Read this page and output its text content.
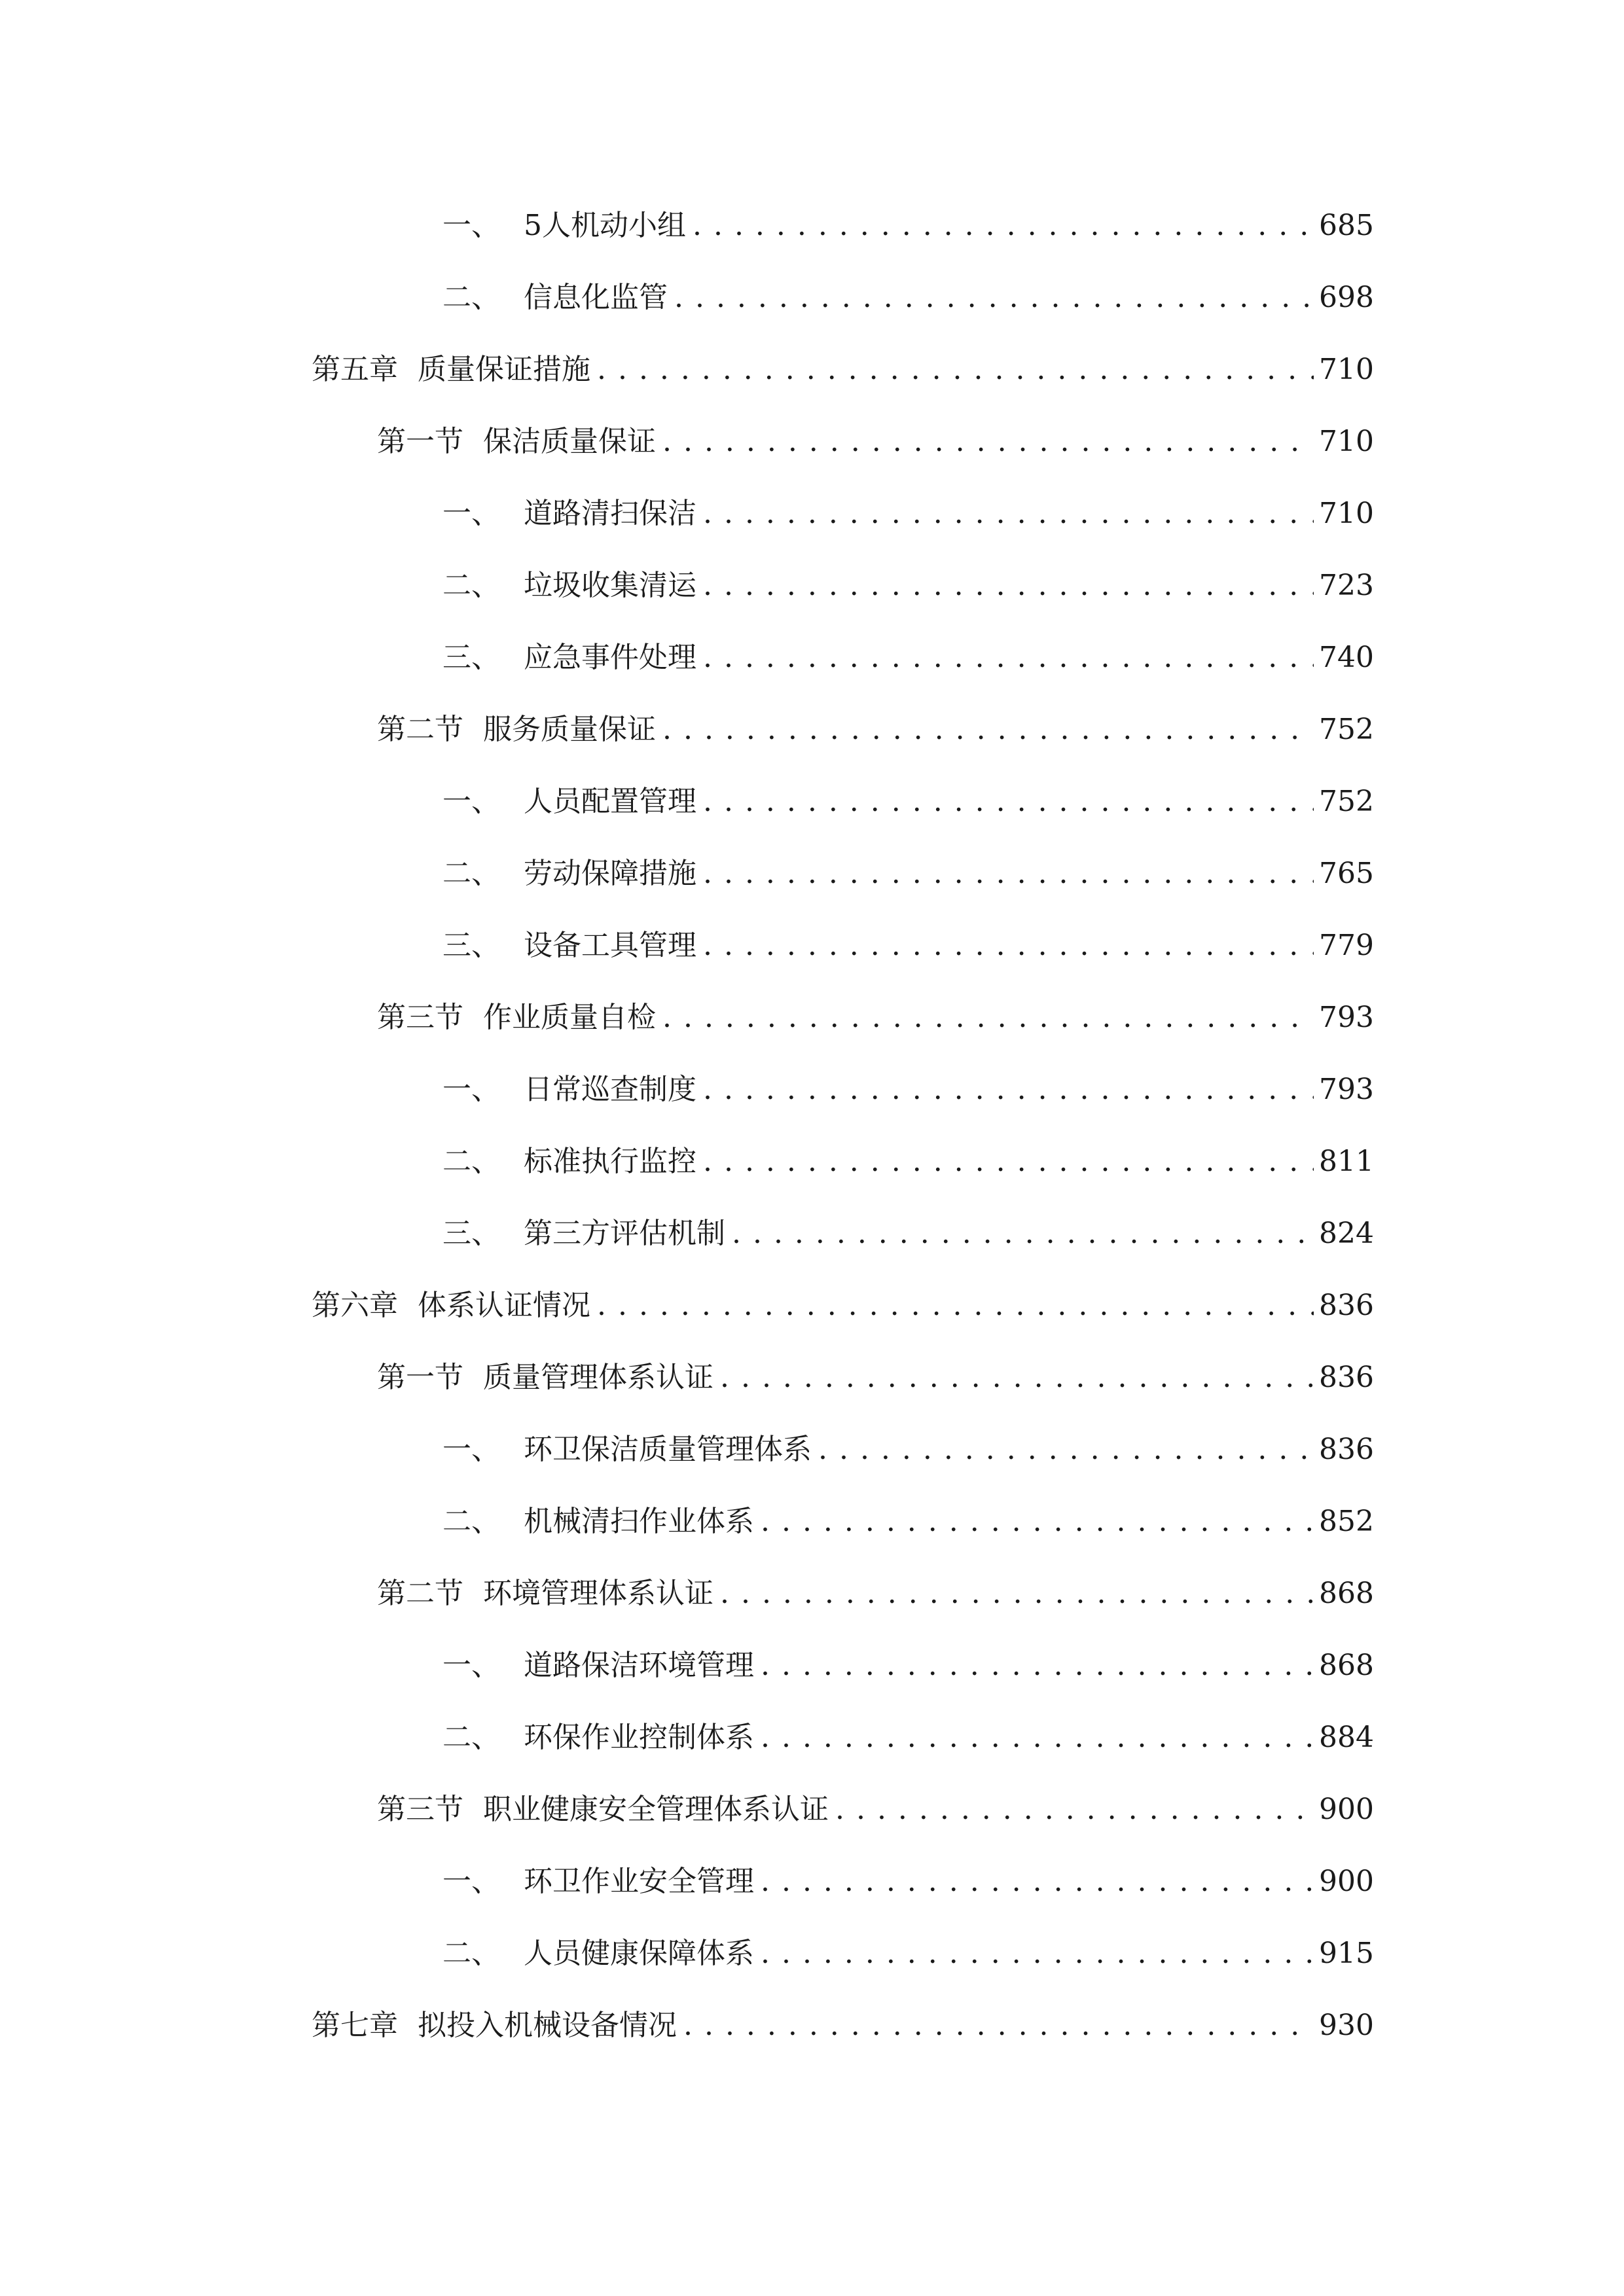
一、 5人机动小组 . . .	685
二、 信息化监管 . . .	698
第五章 质量保证措施 . . .	710
第一节 保洁质量保证 . . .	710
一、 道路清扫保洁 . . .	710
二、 垃圾收集清运 . . .	723
三、 应急事件处理 . . .	740
第二节 服务质量保证 . . .	752
一、 人员配置管理 . . .	752
二、 劳动保障措施 . . .	765
三、 设备工具管理 . . .	779
第三节 作业质量自检 . . .	793
一、 日常巡查制度 . . .	793
二、 标准执行监控 . . .	811
三、 第三方评估机制 . . .	824
第六章 体系认证情况 . . .	836
第一节 质量管理体系认证 . . .	836
一、 环卫保洁质量管理体系 . . .	836
二、 机械清扫作业体系 . . .	852
第二节 环境管理体系认证 . . .	868
一、 道路保洁环境管理 . . .	868
二、 环保作业控制体系 . . .	884
第三节 职业健康安全管理体系认证 . . .	900
一、 环卫作业安全管理 . . .	900
二、 人员健康保障体系 . . .	915
第七章 拟投入机械设备情况 . . .	930
